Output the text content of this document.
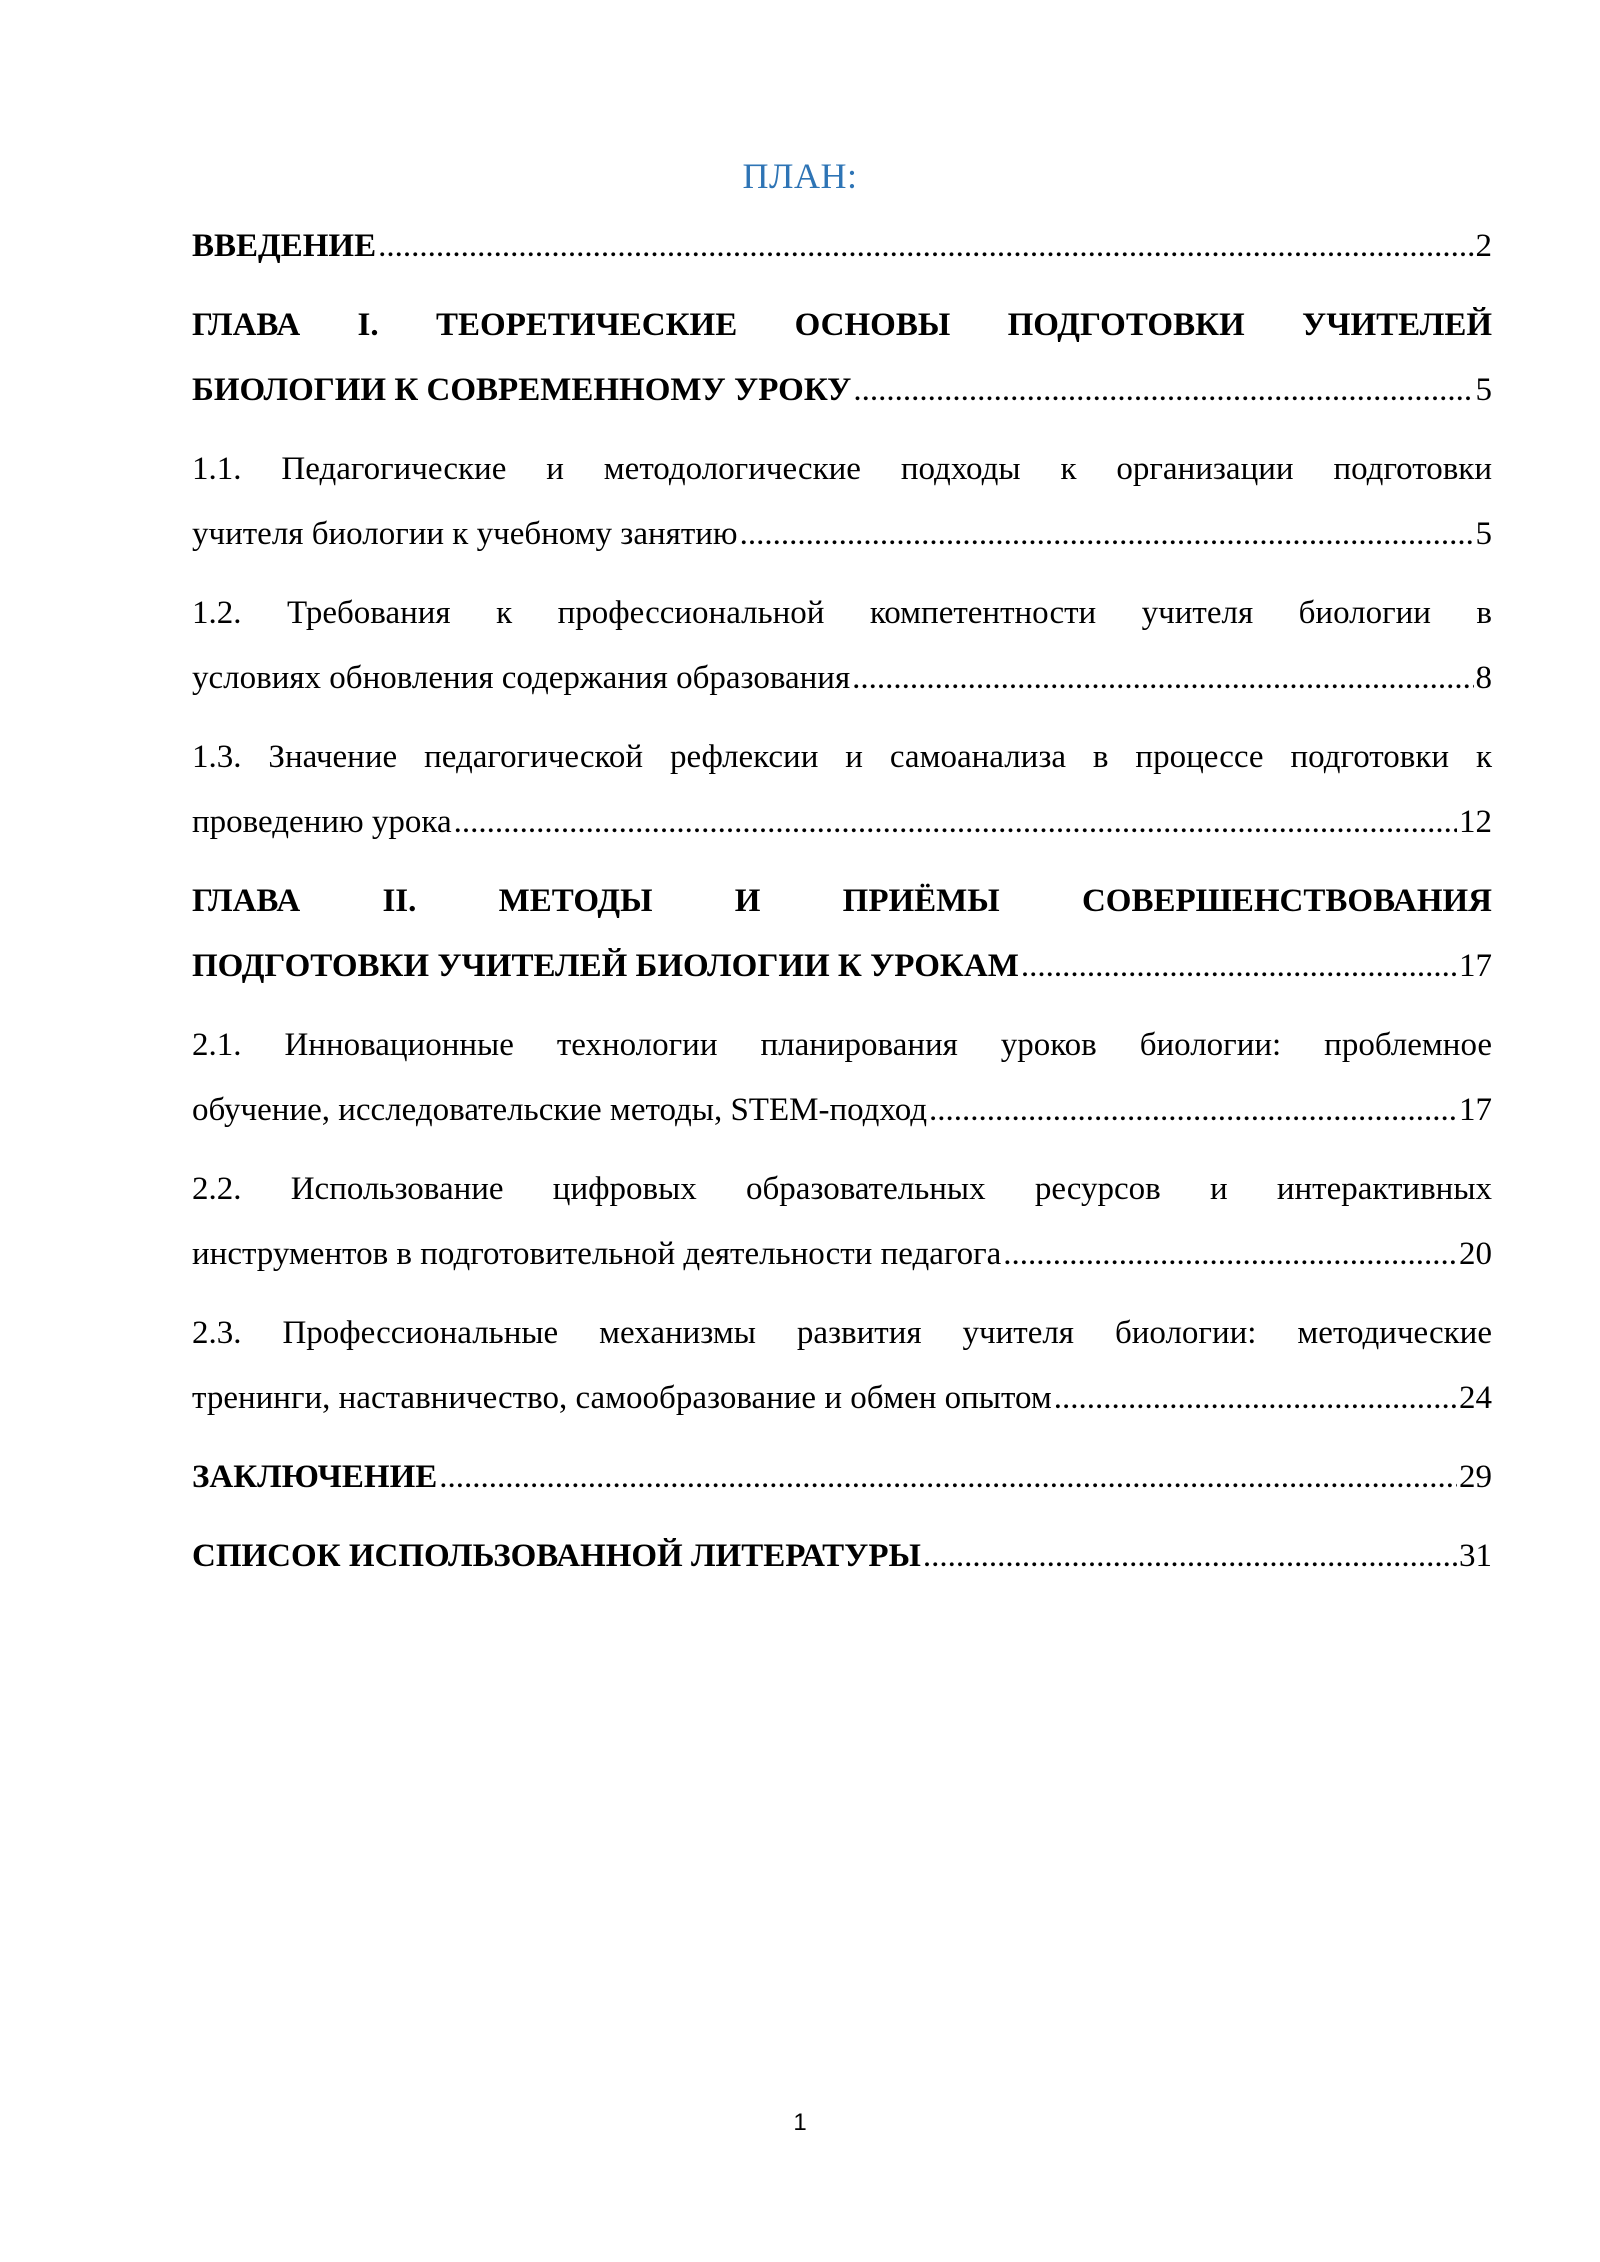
ПЛАН:
ВВЕДЕНИЕ .....	2
ГЛАВА I. ТЕОРЕТИЧЕСКИЕ ОСНОВЫ ПОДГОТОВКИ УЧИТЕЛЕЙ
БИОЛОГИИ К СОВРЕМЕННОМУ УРОКУ .....	5
1.1. Педагогические и методологические подходы к организации подготовки
учителя биологии к учебному занятию .....	5
1.2. Требования к профессиональной компетентности учителя биологии в
условиях обновления содержания образования .....	8
1.3. Значение педагогической рефлексии и самоанализа в процессе подготовки к
проведению урока .....	12
ГЛАВА II. МЕТОДЫ И ПРИЁМЫ СОВЕРШЕНСТВОВАНИЯ
ПОДГОТОВКИ УЧИТЕЛЕЙ БИОЛОГИИ К УРОКАМ .....	17
2.1. Инновационные технологии планирования уроков биологии: проблемное
обучение, исследовательские методы, STEM-подход .....	17
2.2. Использование цифровых образовательных ресурсов и интерактивных
инструментов в подготовительной деятельности педагога .....	20
2.3. Профессиональные механизмы развития учителя биологии: методические
тренинги, наставничество, самообразование и обмен опытом .....	24
ЗАКЛЮЧЕНИЕ .....	29
СПИСОК ИСПОЛЬЗОВАННОЙ ЛИТЕРАТУРЫ .....	31
1
